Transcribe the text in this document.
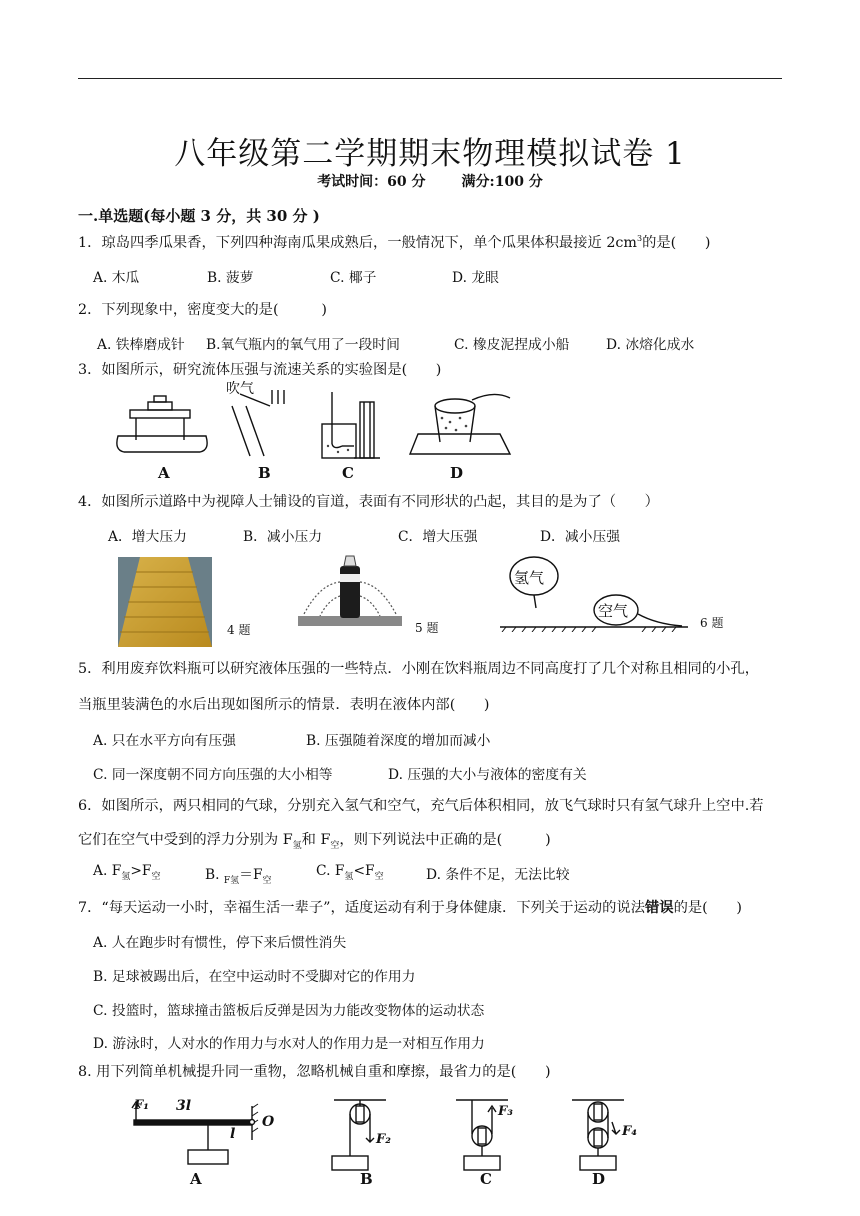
八年级第二学期期末物理模拟试卷 1
考试时间：60 分	满分:100 分
一.单选题(每小题 3 分，共 30 分 )
1．琼岛四季瓜果香，下列四种海南瓜果成熟后，一般情况下，单个瓜果体积最接近 $2cm^3$的是(　　)
A. 木瓜	B. 菠萝	C. 椰子	D. 龙眼
2．下列现象中，密度变大的是(　　　)
A. 铁棒磨成针 B.氧气瓶内的氧气用了一段时间	C. 橡皮泥捏成小船	D. 冰熔化成水
3．如图所示，研究流体压强与流速关系的实验图是(　　)
吹气
A	B	C	D
4．如图所示道路中为视障人士铺设的盲道，表面有不同形状的凸起，其目的是为了（　　）
A．增大压力	B．减小压力	C．增大压强	D．减小压强
4 题	5 题
氢气
空气
6 题
5．利用废弃饮料瓶可以研究液体压强的一些特点．小刚在饮料瓶周边不同高度打了几个对称且相同的小孔，
当瓶里装满色的水后出现如图所示的情景．表明在液体内部(　　)
A. 只在水平方向有压强	B. 压强随着深度的增加而减小
C. 同一深度朝不同方向压强的大小相等	D. 压强的大小与液体的密度有关
6．如图所示，两只相同的气球，分别充入氢气和空气，充气后体积相同，放飞气球时只有氢气球升上空中.若
它们在空气中受到的浮力分别为 $F_氢$和 $F_空$，则下列说法中正确的是(　　　)
A. $F_氢>F_空$	B. $_{F氢}=F_空$
C. $F_氢<F_空$	D. 条件不足，无法比较
7．“每天运动一小时，幸福生活一辈子”，适度运动有利于身体健康．下列关于运动的说法错误的是(　　)
A. 人在跑步时有惯性，停下来后惯性消失
B. 足球被踢出后，在空中运动时不受脚对它的作用力
C. 投篮时，篮球撞击篮板后反弹是因为力能改变物体的运动状态
D. 游泳时，人对水的作用力与水对人的作用力是一对相互作用力
8. 用下列简单机械提升同一重物，忽略机械自重和摩擦，最省力的是(　　)
F₁ 3l
l
O
F₂
F₃
F₄
A	B	C	D
